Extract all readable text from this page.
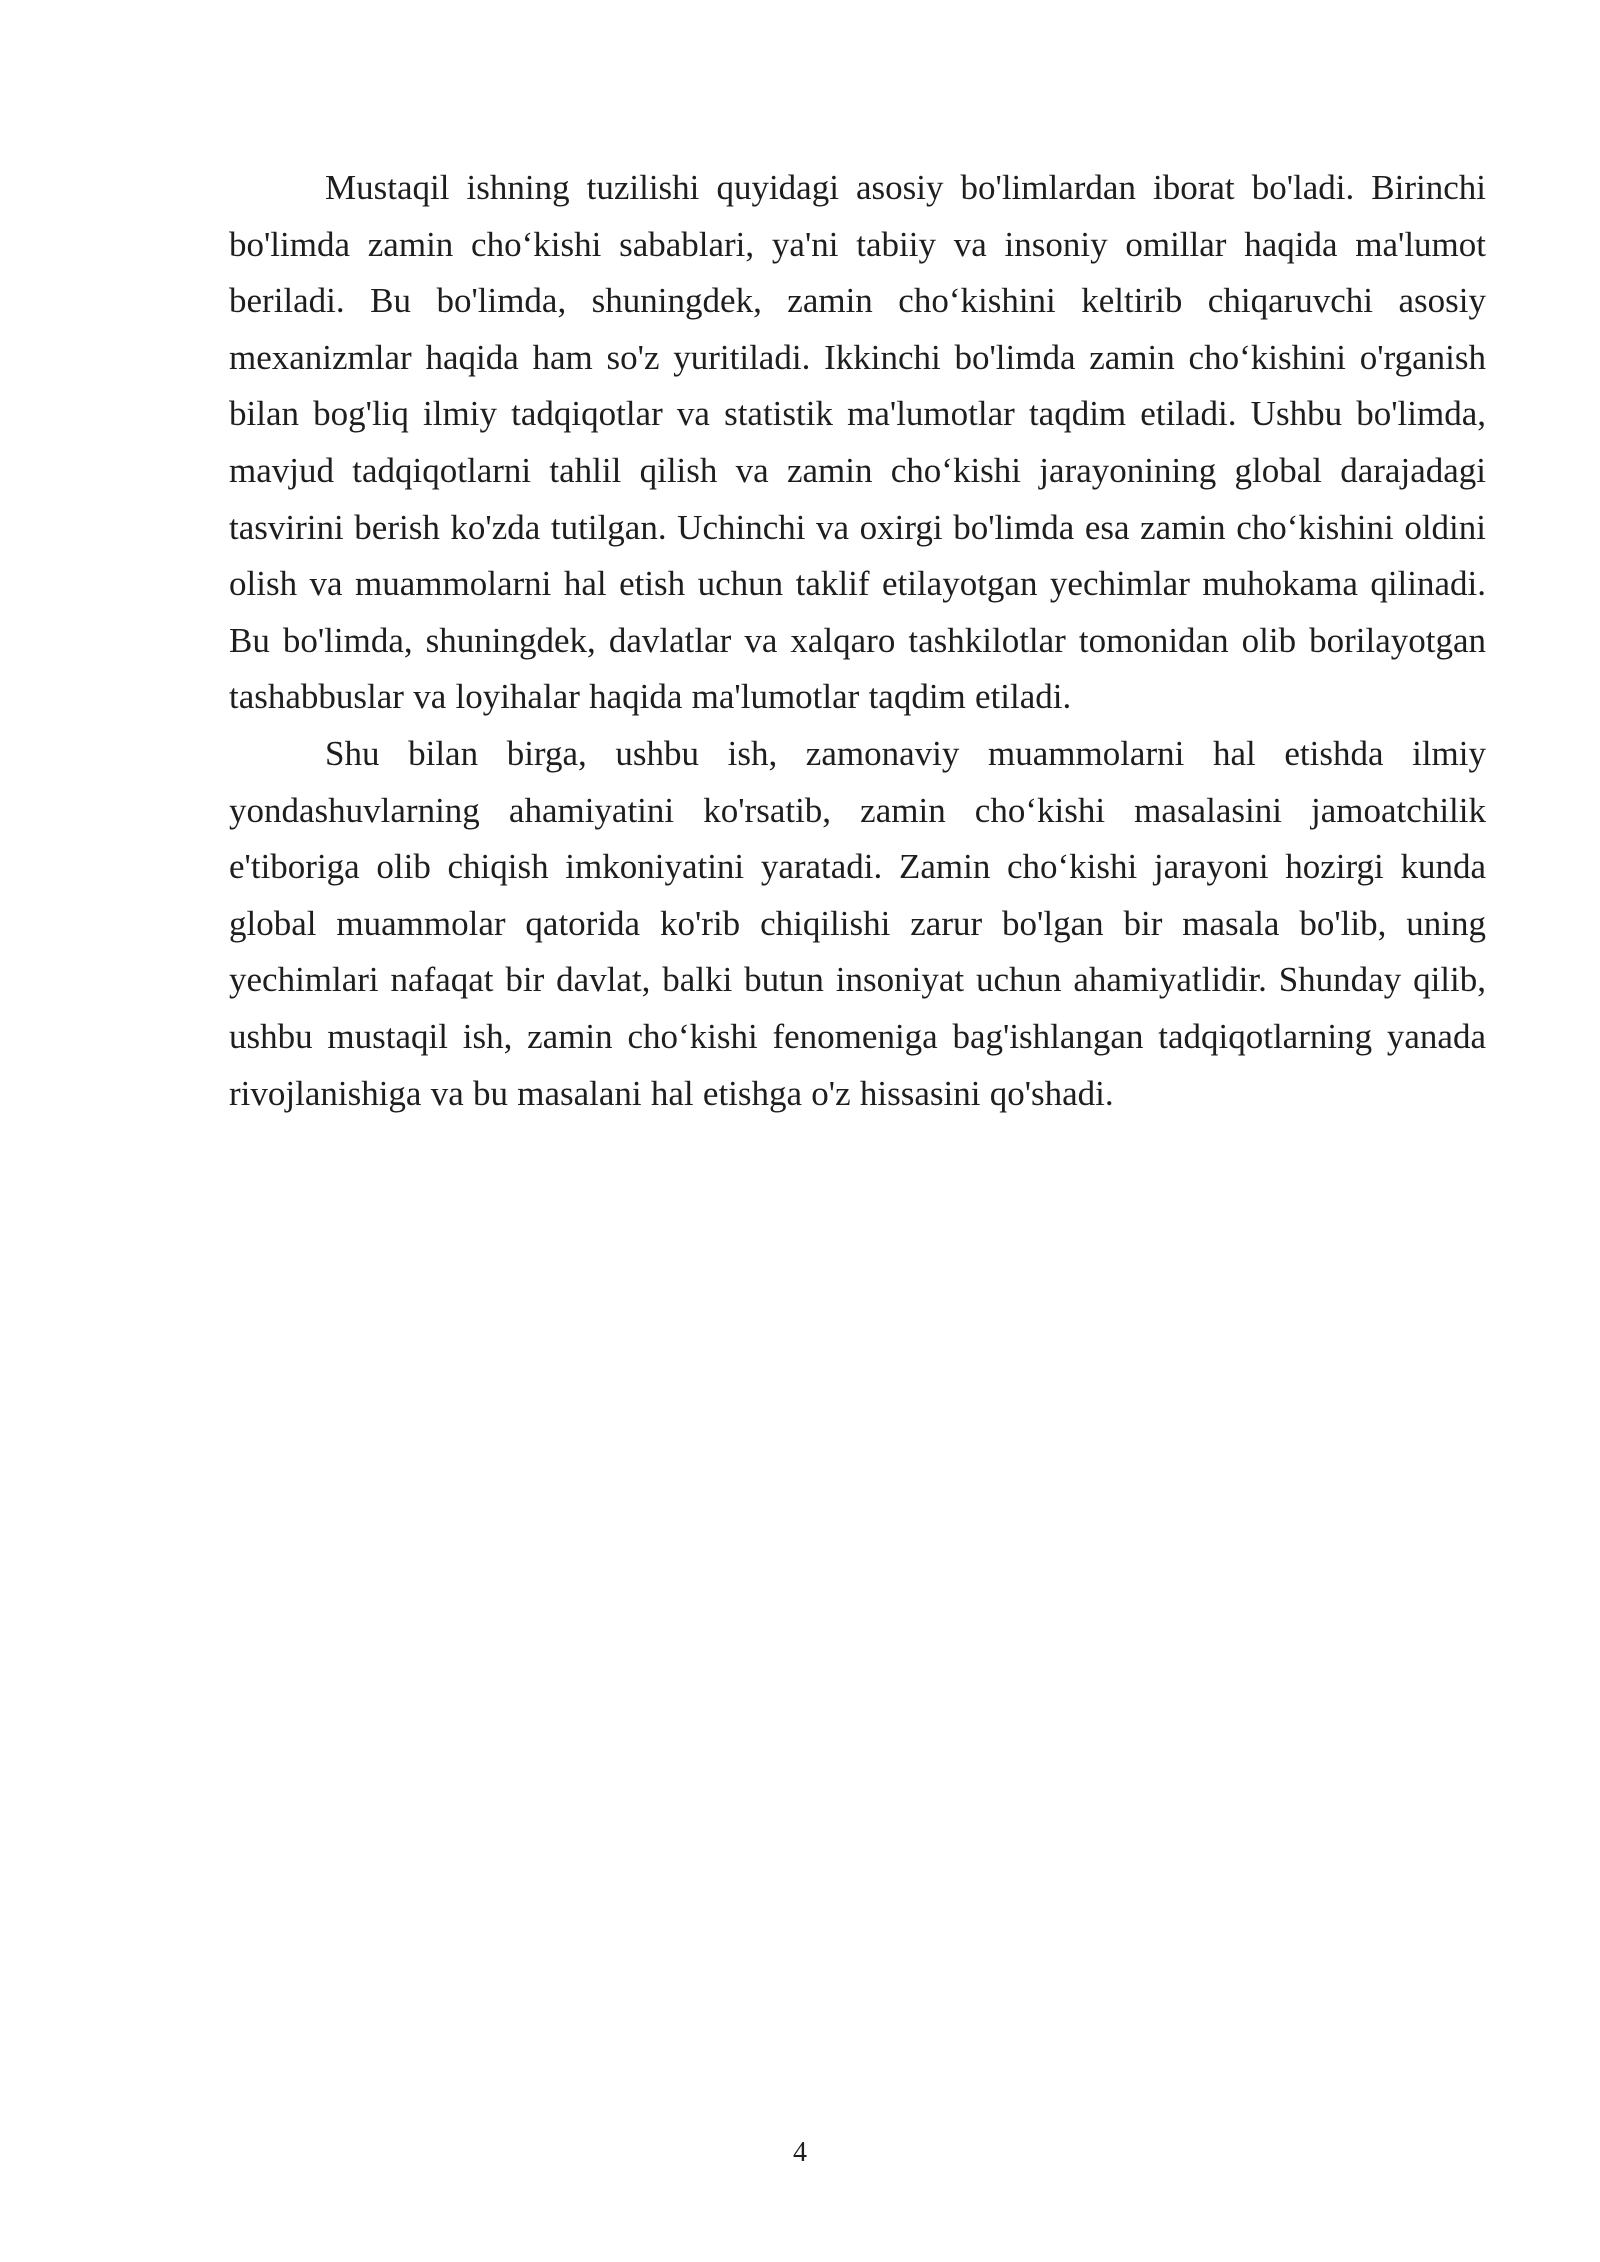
Mustaqil ishning tuzilishi quyidagi asosiy bo'limlardan iborat bo'ladi. Birinchi bo'limda zamin cho‘kishi sabablari, ya'ni tabiiy va insoniy omillar haqida ma'lumot beriladi. Bu bo'limda, shuningdek, zamin cho‘kishini keltirib chiqaruvchi asosiy mexanizmlar haqida ham so'z yuritiladi. Ikkinchi bo'limda zamin cho‘kishini o'rganish bilan bog'liq ilmiy tadqiqotlar va statistik ma'lumotlar taqdim etiladi. Ushbu bo'limda, mavjud tadqiqotlarni tahlil qilish va zamin cho‘kishi jarayonining global darajadagi tasvirini berish ko'zda tutilgan. Uchinchi va oxirgi bo'limda esa zamin cho‘kishini oldini olish va muammolarni hal etish uchun taklif etilayotgan yechimlar muhokama qilinadi. Bu bo'limda, shuningdek, davlatlar va xalqaro tashkilotlar tomonidan olib borilayotgan tashabbuslar va loyihalar haqida ma'lumotlar taqdim etiladi.

Shu bilan birga, ushbu ish, zamonaviy muammolarni hal etishda ilmiy yondashuvlarning ahamiyatini ko'rsatib, zamin cho‘kishi masalasini jamoatchilik e'tiboriga olib chiqish imkoniyatini yaratadi. Zamin cho‘kishi jarayoni hozirgi kunda global muammolar qatorida ko'rib chiqilishi zarur bo'lgan bir masala bo'lib, uning yechimlari nafaqat bir davlat, balki butun insoniyat uchun ahamiyatlidir. Shunday qilib, ushbu mustaqil ish, zamin cho‘kishi fenomeniga bag'ishlangan tadqiqotlarning yanada rivojlanishiga va bu masalani hal etishga o'z hissasini qo'shadi.

4
